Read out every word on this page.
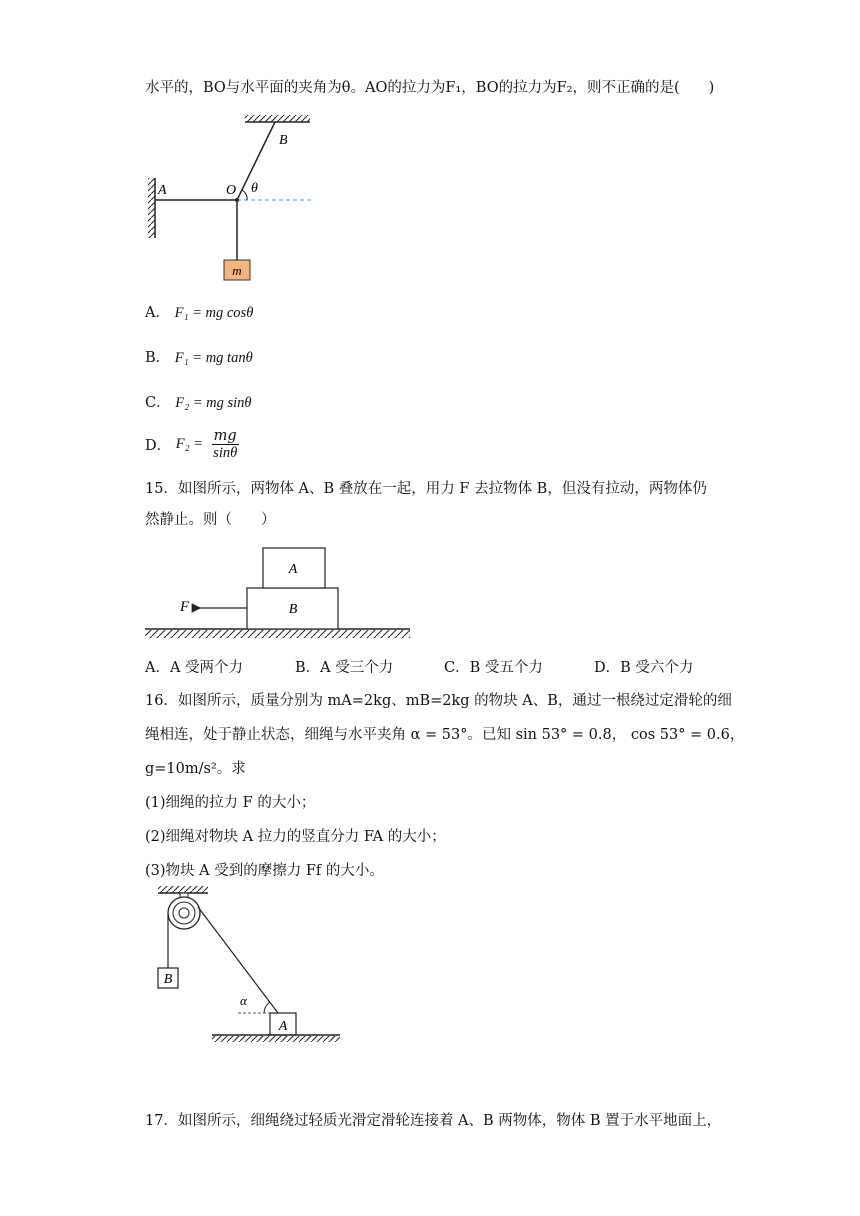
水平的，BO与水平面的夹角为θ。AO的拉力为F₁，BO的拉力为F₂，则不正确的是(　　)
m
A
B
O θ
A． F₁ = mg cosθ
B． F₁ = mg tanθ
C． F₂ = mg sinθ
D． $F_2 = \frac{mg}{\sin\theta}$
15．如图所示，两物体 A、B 叠放在一起，用力 F 去拉物体 B，但没有拉动，两物体仍
然静止。则（　　）
A
B
F
A．A 受两个力	B．A 受三个力	C．B 受五个力	D．B 受六个力
16．如图所示，质量分别为 mA=2kg、mB=2kg 的物块 A、B，通过一根绕过定滑轮的细
绳相连，处于静止状态，细绳与水平夹角 α = 53°。已知 sin 53° = 0.8， cos 53° = 0.6，
g=10m/s²。求
(1)细绳的拉力 F 的大小；
(2)细绳对物块 A 拉力的竖直分力 FA 的大小；
(3)物块 A 受到的摩擦力 Ff 的大小。
B
α
A
17．如图所示，细绳绕过轻质光滑定滑轮连接着 A、B 两物体，物体 B 置于水平地面上，
